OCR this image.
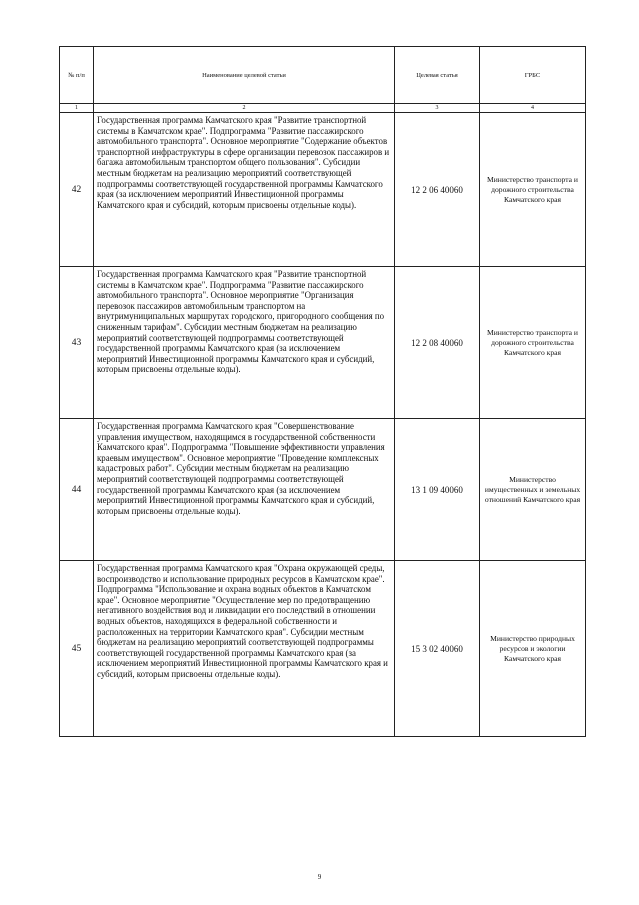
№ п/п	Наименование целевой статьи	Целевая статья	ГРБС
1	2	3	4
42	Государственная программа Камчатского края "Развитие транспортной системы в Камчатском крае". Подпрограмма "Развитие пассажирского автомобильного транспорта". Основное мероприятие "Содержание объектов транспортной инфраструктуры в сфере организации перевозок пассажиров и багажа автомобильным транспортом общего пользования". Субсидии местным бюджетам на реализацию мероприятий соответствующей подпрограммы соответствующей государственной программы Камчатского края (за исключением мероприятий Инвестиционной программы Камчатского края и субсидий, которым присвоены отдельные коды).	12 2 06 40060	Министерство транспорта и дорожного строительства Камчатского края
43	Государственная программа Камчатского края "Развитие транспортной системы в Камчатском крае". Подпрограмма "Развитие пассажирского автомобильного транспорта". Основное мероприятие "Организация перевозок пассажиров автомобильным транспортом на внутримуниципальных маршрутах городского, пригородного сообщения по сниженным тарифам". Субсидии местным бюджетам на реализацию мероприятий соответствующей подпрограммы соответствующей государственной программы Камчатского края (за исключением мероприятий Инвестиционной программы Камчатского края и субсидий, которым присвоены отдельные коды).	12 2 08 40060	Министерство транспорта и дорожного строительства Камчатского края
44	Государственная программа Камчатского края "Совершенствование управления имуществом, находящимся в государственной собственности Камчатского края". Подпрограмма "Повышение эффективности управления краевым имуществом". Основное мероприятие "Проведение комплексных кадастровых работ". Субсидии местным бюджетам на реализацию мероприятий соответствующей подпрограммы соответствующей государственной программы Камчатского края (за исключением мероприятий Инвестиционной программы Камчатского края и субсидий, которым присвоены отдельные коды).	13 1 09 40060	Министерство имущественных и земельных отношений Камчатского края
45	Государственная программа Камчатского края "Охрана окружающей среды, воспроизводство и использование природных ресурсов в Камчатском крае". Подпрограмма "Использование и охрана водных объектов в Камчатском крае". Основное мероприятие "Осуществление мер по предотвращению негативного воздействия вод и ликвидации его последствий в отношении водных объектов, находящихся в федеральной собственности и расположенных на территории Камчатского края". Субсидии местным бюджетам на реализацию мероприятий соответствующей подпрограммы соответствующей государственной программы Камчатского края (за исключением мероприятий Инвестиционной программы Камчатского края и субсидий, которым присвоены отдельные коды).	15 3 02 40060	Министерство природных ресурсов и экологии Камчатского края
9
